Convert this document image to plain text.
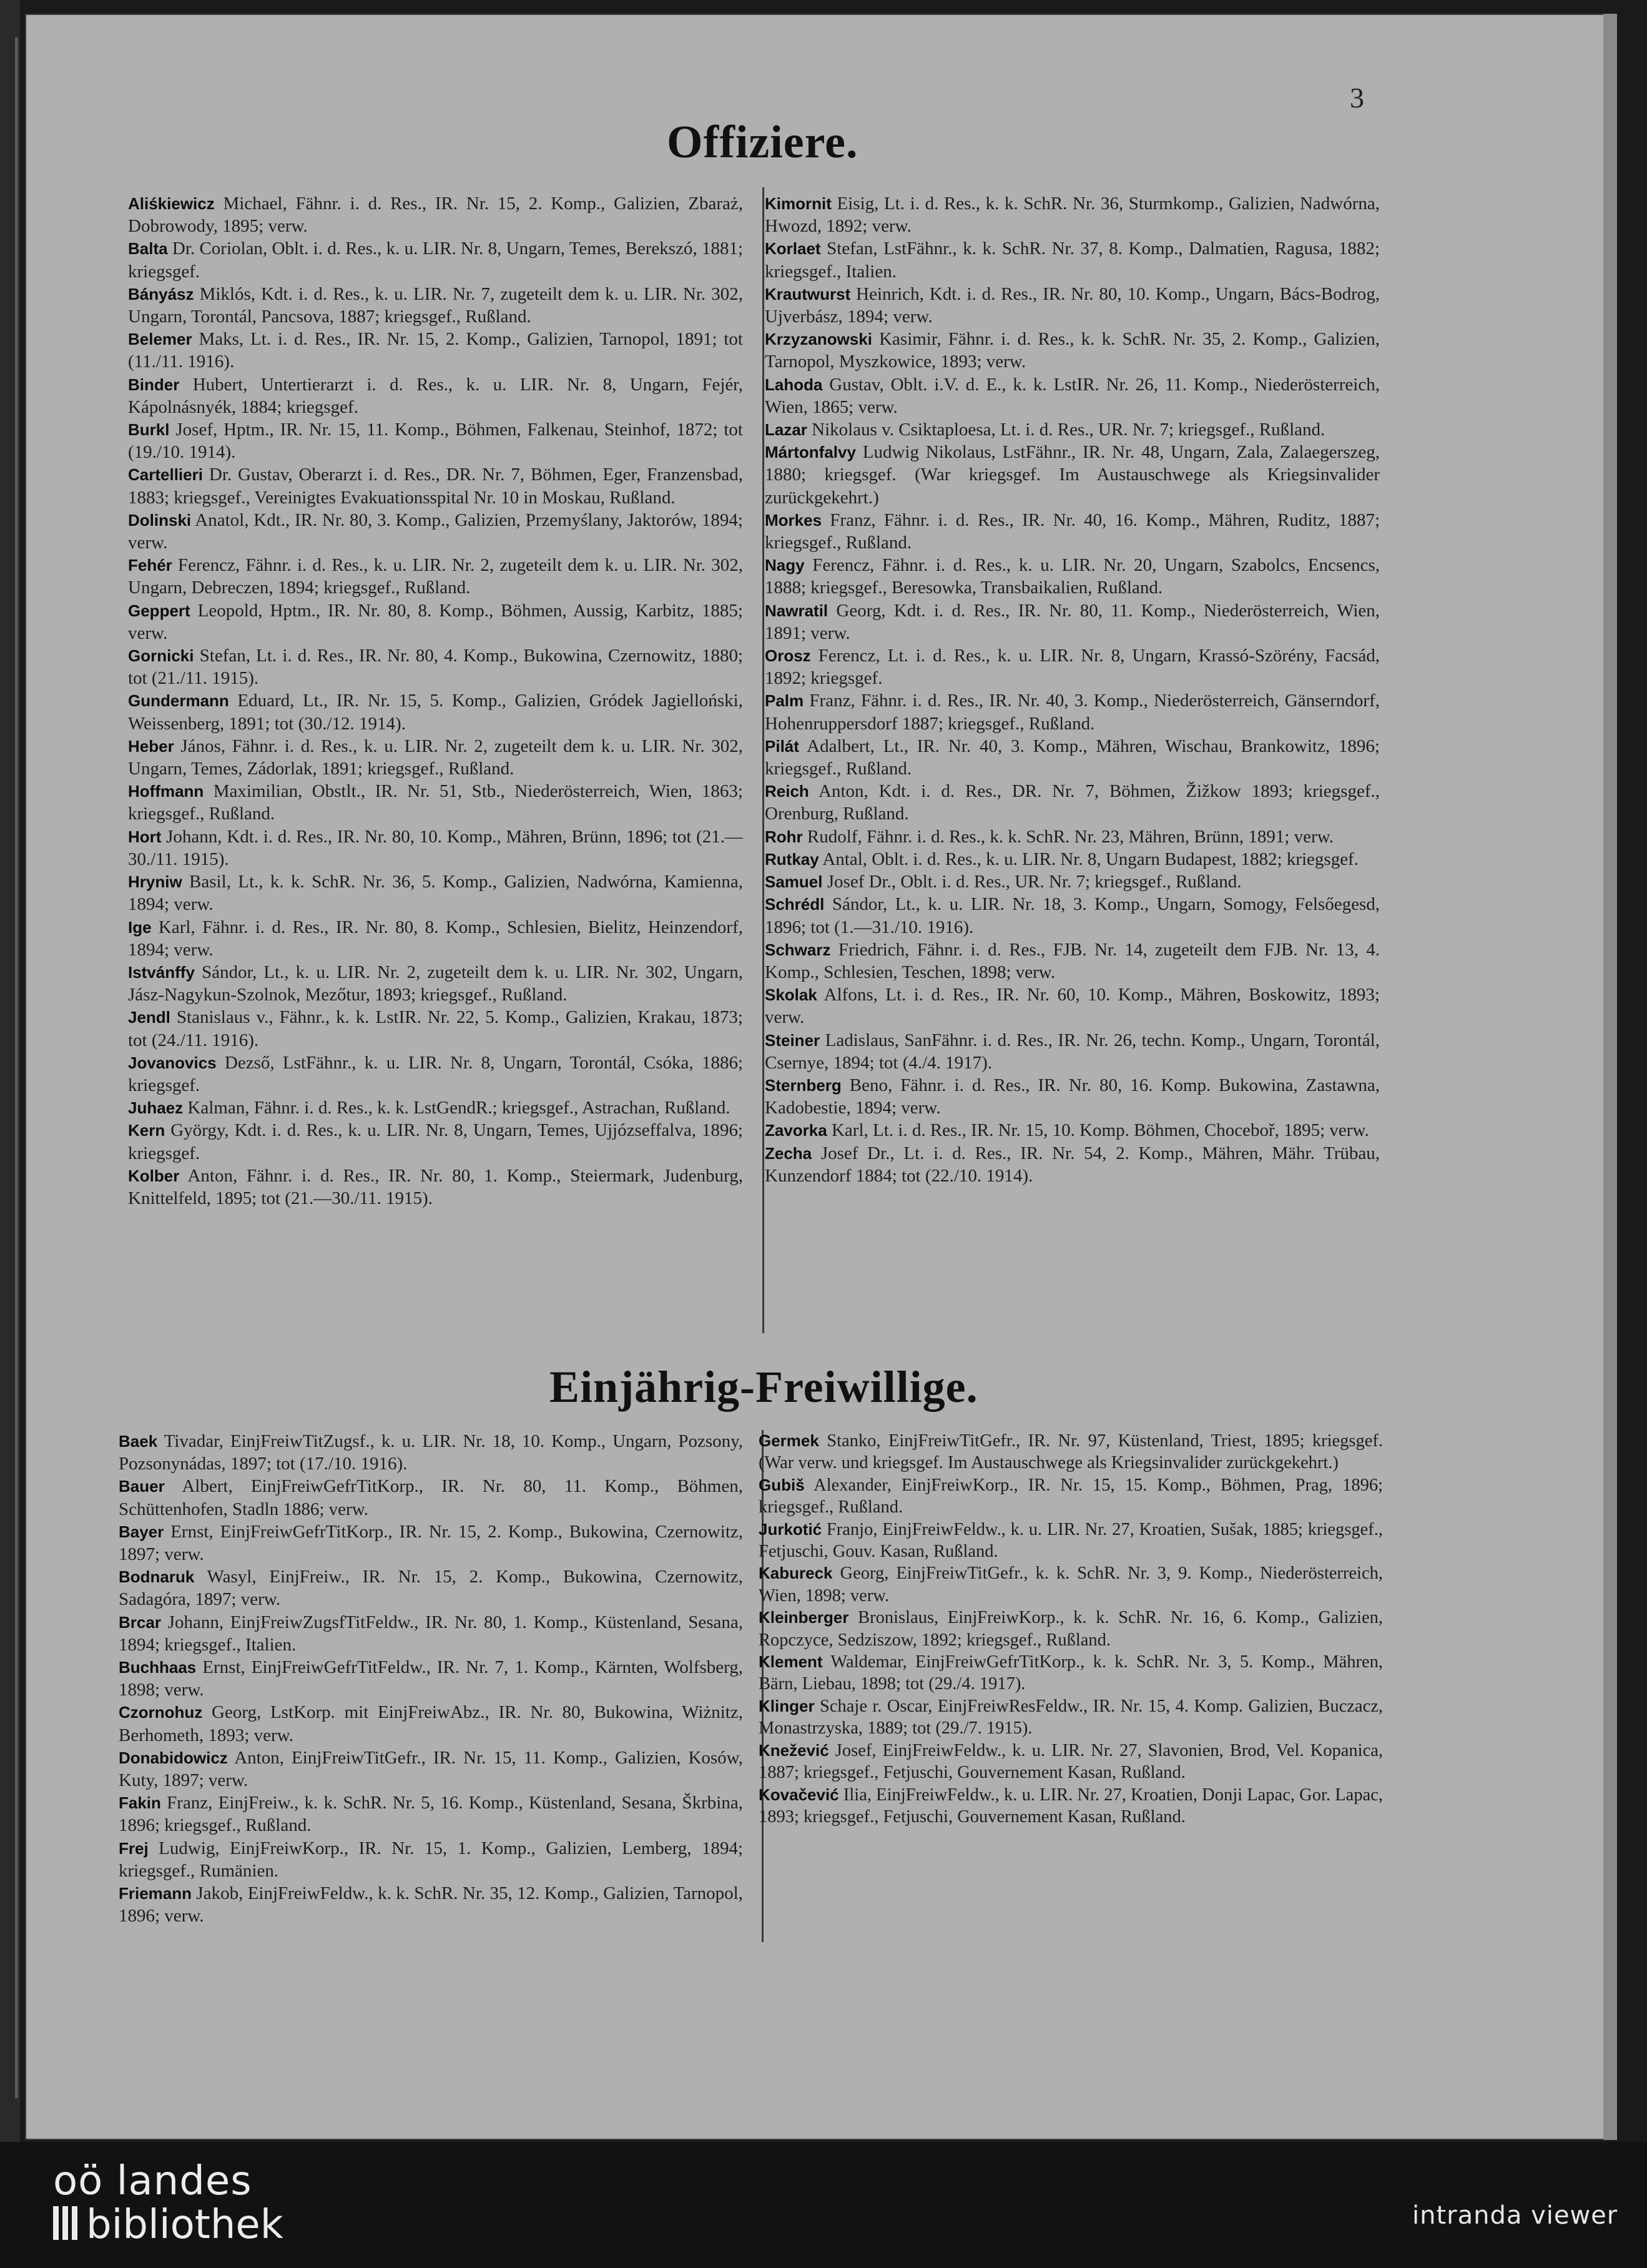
3
Offiziere.

Aliśkiewicz Michael, Fähnr. i. d. Res., IR. Nr. 15, 2. Komp., Galizien, Zbaraż, Dobrowody, 1895; verw.

Balta Dr. Coriolan, Oblt. i. d. Res., k. u. LIR. Nr. 8, Ungarn, Temes, Berekszó, 1881; kriegsgef.

Bányász Miklós, Kdt. i. d. Res., k. u. LIR. Nr. 7, zugeteilt dem k. u. LIR. Nr. 302, Ungarn, Torontál, Pancsova, 1887; kriegsgef., Rußland.

Belemer Maks, Lt. i. d. Res., IR. Nr. 15, 2. Komp., Galizien, Tarnopol, 1891; tot (11./11. 1916).

Binder Hubert, Untertierarzt i. d. Res., k. u. LIR. Nr. 8, Ungarn, Fejér, Kápolnásnyék, 1884; kriegsgef.

Burkl Josef, Hptm., IR. Nr. 15, 11. Komp., Böhmen, Falkenau, Steinhof, 1872; tot (19./10. 1914).

Cartellieri Dr. Gustav, Oberarzt i. d. Res., DR. Nr. 7, Böhmen, Eger, Franzensbad, 1883; kriegsgef., Vereinigtes Evakuationsspital Nr. 10 in Moskau, Rußland.

Dolinski Anatol, Kdt., IR. Nr. 80, 3. Komp., Galizien, Przemyślany, Jaktorów, 1894; verw.

Fehér Ferencz, Fähnr. i. d. Res., k. u. LIR. Nr. 2, zugeteilt dem k. u. LIR. Nr. 302, Ungarn, Debreczen, 1894; kriegsgef., Rußland.

Geppert Leopold, Hptm., IR. Nr. 80, 8. Komp., Böhmen, Aussig, Karbitz, 1885; verw.

Gornicki Stefan, Lt. i. d. Res., IR. Nr. 80, 4. Komp., Bukowina, Czernowitz, 1880; tot (21./11. 1915).

Gundermann Eduard, Lt., IR. Nr. 15, 5. Komp., Galizien, Gródek Jagielloński, Weissenberg, 1891; tot (30./12. 1914).

Heber János, Fähnr. i. d. Res., k. u. LIR. Nr. 2, zugeteilt dem k. u. LIR. Nr. 302, Ungarn, Temes, Zádorlak, 1891; kriegsgef., Rußland.

Hoffmann Maximilian, Obstlt., IR. Nr. 51, Stb., Niederösterreich, Wien, 1863; kriegsgef., Rußland.

Hort Johann, Kdt. i. d. Res., IR. Nr. 80, 10. Komp., Mähren, Brünn, 1896; tot (21.—30./11. 1915).

Hryniw Basil, Lt., k. k. SchR. Nr. 36, 5. Komp., Galizien, Nadwórna, Kamienna, 1894; verw.

Ige Karl, Fähnr. i. d. Res., IR. Nr. 80, 8. Komp., Schlesien, Bielitz, Heinzendorf, 1894; verw.

Istvánffy Sándor, Lt., k. u. LIR. Nr. 2, zugeteilt dem k. u. LIR. Nr. 302, Ungarn, Jász-Nagykun-Szolnok, Mezőtur, 1893; kriegsgef., Rußland.

Jendl Stanislaus v., Fähnr., k. k. LstIR. Nr. 22, 5. Komp., Galizien, Krakau, 1873; tot (24./11. 1916).

Jovanovics Dezső, LstFähnr., k. u. LIR. Nr. 8, Ungarn, Torontál, Csóka, 1886; kriegsgef.

Juhaez Kalman, Fähnr. i. d. Res., k. k. LstGendR.; kriegsgef., Astrachan, Rußland.

Kern György, Kdt. i. d. Res., k. u. LIR. Nr. 8, Ungarn, Temes, Ujjózseffalva, 1896; kriegsgef.

Kolber Anton, Fähnr. i. d. Res., IR. Nr. 80, 1. Komp., Steiermark, Judenburg, Knittelfeld, 1895; tot (21.—30./11. 1915).

Kimornit Eisig, Lt. i. d. Res., k. k. SchR. Nr. 36, Sturmkomp., Galizien, Nadwórna, Hwozd, 1892; verw.

Korlaet Stefan, LstFähnr., k. k. SchR. Nr. 37, 8. Komp., Dalmatien, Ragusa, 1882; kriegsgef., Italien.

Krautwurst Heinrich, Kdt. i. d. Res., IR. Nr. 80, 10. Komp., Ungarn, Bács-Bodrog, Ujverbász, 1894; verw.

Krzyzanowski Kasimir, Fähnr. i. d. Res., k. k. SchR. Nr. 35, 2. Komp., Galizien, Tarnopol, Myszkowice, 1893; verw.

Lahoda Gustav, Oblt. i.V. d. E., k. k. LstIR. Nr. 26, 11. Komp., Niederösterreich, Wien, 1865; verw.

Lazar Nikolaus v. Csiktaploesa, Lt. i. d. Res., UR. Nr. 7; kriegsgef., Rußland.

Mártonfalvy Ludwig Nikolaus, LstFähnr., IR. Nr. 48, Ungarn, Zala, Zalaegerszeg, 1880; kriegsgef. (War kriegsgef. Im Austauschwege als Kriegsinvalider zurückgekehrt.)

Morkes Franz, Fähnr. i. d. Res., IR. Nr. 40, 16. Komp., Mähren, Ruditz, 1887; kriegsgef., Rußland.

Nagy Ferencz, Fähnr. i. d. Res., k. u. LIR. Nr. 20, Ungarn, Szabolcs, Encsencs, 1888; kriegsgef., Beresowka, Transbaikalien, Rußland.

Nawratil Georg, Kdt. i. d. Res., IR. Nr. 80, 11. Komp., Niederösterreich, Wien, 1891; verw.

Orosz Ferencz, Lt. i. d. Res., k. u. LIR. Nr. 8, Ungarn, Krassó-Szörény, Facsád, 1892; kriegsgef.

Palm Franz, Fähnr. i. d. Res., IR. Nr. 40, 3. Komp., Niederösterreich, Gänserndorf, Hohenruppersdorf 1887; kriegsgef., Rußland.

Pilát Adalbert, Lt., IR. Nr. 40, 3. Komp., Mähren, Wischau, Brankowitz, 1896; kriegsgef., Rußland.

Reich Anton, Kdt. i. d. Res., DR. Nr. 7, Böhmen, Žižkow 1893; kriegsgef., Orenburg, Rußland.

Rohr Rudolf, Fähnr. i. d. Res., k. k. SchR. Nr. 23, Mähren, Brünn, 1891; verw.

Rutkay Antal, Oblt. i. d. Res., k. u. LIR. Nr. 8, Ungarn Budapest, 1882; kriegsgef.

Samuel Josef Dr., Oblt. i. d. Res., UR. Nr. 7; kriegsgef., Rußland.

Schrédl Sándor, Lt., k. u. LIR. Nr. 18, 3. Komp., Ungarn, Somogy, Felsőegesd, 1896; tot (1.—31./10. 1916).

Schwarz Friedrich, Fähnr. i. d. Res., FJB. Nr. 14, zugeteilt dem FJB. Nr. 13, 4. Komp., Schlesien, Teschen, 1898; verw.

Skolak Alfons, Lt. i. d. Res., IR. Nr. 60, 10. Komp., Mähren, Boskowitz, 1893; verw.

Steiner Ladislaus, SanFähnr. i. d. Res., IR. Nr. 26, techn. Komp., Ungarn, Torontál, Csernye, 1894; tot (4./4. 1917).

Sternberg Beno, Fähnr. i. d. Res., IR. Nr. 80, 16. Komp. Bukowina, Zastawna, Kadobestie, 1894; verw.

Zavorka Karl, Lt. i. d. Res., IR. Nr. 15, 10. Komp. Böhmen, Choceboř, 1895; verw.

Zecha Josef Dr., Lt. i. d. Res., IR. Nr. 54, 2. Komp., Mähren, Mähr. Trübau, Kunzendorf 1884; tot (22./10. 1914).

Einjährig-Freiwillige.

Baek Tivadar, EinjFreiwTitZugsf., k. u. LIR. Nr. 18, 10. Komp., Ungarn, Pozsony, Pozsonynádas, 1897; tot (17./10. 1916).

Bauer Albert, EinjFreiwGefrTitKorp., IR. Nr. 80, 11. Komp., Böhmen, Schüttenhofen, Stadln 1886; verw.

Bayer Ernst, EinjFreiwGefrTitKorp., IR. Nr. 15, 2. Komp., Bukowina, Czernowitz, 1897; verw.

Bodnaruk Wasyl, EinjFreiw., IR. Nr. 15, 2. Komp., Bukowina, Czernowitz, Sadagóra, 1897; verw.

Brcar Johann, EinjFreiwZugsfTitFeldw., IR. Nr. 80, 1. Komp., Küstenland, Sesana, 1894; kriegsgef., Italien.

Buchhaas Ernst, EinjFreiwGefrTitFeldw., IR. Nr. 7, 1. Komp., Kärnten, Wolfsberg, 1898; verw.

Czornohuz Georg, LstKorp. mit EinjFreiwAbz., IR. Nr. 80, Bukowina, Wiżnitz, Berhometh, 1893; verw.

Donabidowicz Anton, EinjFreiwTitGefr., IR. Nr. 15, 11. Komp., Galizien, Kosów, Kuty, 1897; verw.

Fakin Franz, EinjFreiw., k. k. SchR. Nr. 5, 16. Komp., Küstenland, Sesana, Škrbina, 1896; kriegsgef., Rußland.

Frej Ludwig, EinjFreiwKorp., IR. Nr. 15, 1. Komp., Galizien, Lemberg, 1894; kriegsgef., Rumänien.

Friemann Jakob, EinjFreiwFeldw., k. k. SchR. Nr. 35, 12. Komp., Galizien, Tarnopol, 1896; verw.

Germek Stanko, EinjFreiwTitGefr., IR. Nr. 97, Küstenland, Triest, 1895; kriegsgef. (War verw. und kriegsgef. Im Austauschwege als Kriegsinvalider zurückgekehrt.)

Gubiš Alexander, EinjFreiwKorp., IR. Nr. 15, 15. Komp., Böhmen, Prag, 1896; kriegsgef., Rußland.

Jurkotić Franjo, EinjFreiwFeldw., k. u. LIR. Nr. 27, Kroatien, Sušak, 1885; kriegsgef., Fetjuschi, Gouv. Kasan, Rußland.

Kabureck Georg, EinjFreiwTitGefr., k. k. SchR. Nr. 3, 9. Komp., Niederösterreich, Wien, 1898; verw.

Kleinberger Bronislaus, EinjFreiwKorp., k. k. SchR. Nr. 16, 6. Komp., Galizien, Ropczyce, Sedziszow, 1892; kriegsgef., Rußland.

Klement Waldemar, EinjFreiwGefrTitKorp., k. k. SchR. Nr. 3, 5. Komp., Mähren, Bärn, Liebau, 1898; tot (29./4. 1917).

Klinger Schaje r. Oscar, EinjFreiwResFeldw., IR. Nr. 15, 4. Komp. Galizien, Buczacz, Monastrzyska, 1889; tot (29./7. 1915).

Knežević Josef, EinjFreiwFeldw., k. u. LIR. Nr. 27, Slavonien, Brod, Vel. Kopanica, 1887; kriegsgef., Fetjuschi, Gouvernement Kasan, Rußland.

Kovačević Ilia, EinjFreiwFeldw., k. u. LIR. Nr. 27, Kroatien, Donji Lapac, Gor. Lapac, 1893; kriegsgef., Fetjuschi, Gouvernement Kasan, Rußland.

oö landes
bibliothek	intranda viewer
